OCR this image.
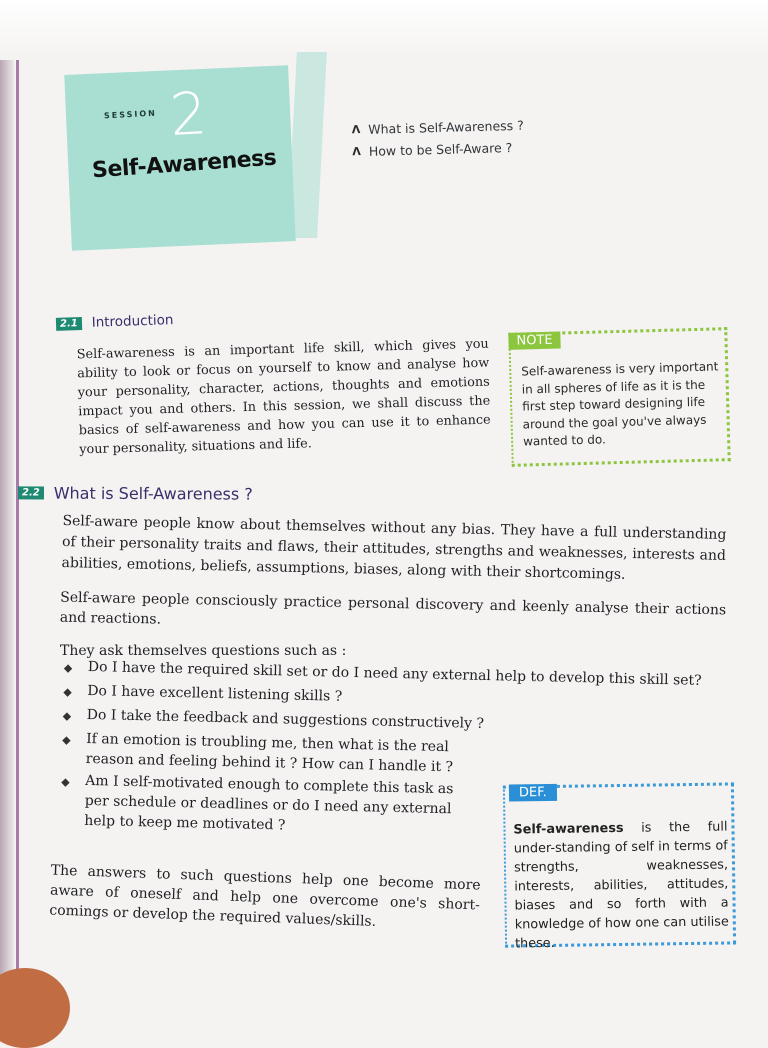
SESSION 2
Self-Awareness
Λ What is Self-Awareness ?
Λ How to be Self-Aware ?
2.1 Introduction
Self-awareness is an important life skill, which gives you ability to look or focus on yourself to know and analyse how your personality, character, actions, thoughts and emotions impact you and others. In this session, we shall discuss the basics of self-awareness and how you can use it to enhance your personality, situations and life.
NOTE
Self-awareness is very important in all spheres of life as it is the first step toward designing life around the goal you've always wanted to do.
2.2 What is Self-Awareness ?
Self-aware people know about themselves without any bias. They have a full understanding of their personality traits and flaws, their attitudes, strengths and weaknesses, interests and abilities, emotions, beliefs, assumptions, biases, along with their shortcomings.
Self-aware people consciously practice personal discovery and keenly analyse their actions and reactions.
They ask themselves questions such as :
◆	Do I have the required skill set or do I need any external help to develop this skill set?
◆	Do I have excellent listening skills ?
◆	Do I take the feedback and suggestions constructively ?
◆	If an emotion is troubling me, then what is the real reason and feeling behind it ? How can I handle it ?
◆	Am I self-motivated enough to complete this task as per schedule or deadlines or do I need any external help to keep me motivated ?
The answers to such questions help one become more aware of oneself and help one overcome one's short-comings or develop the required values/skills.
DEF.
Self-awareness is the full under-standing of self in terms of strengths, weaknesses, interests, abilities, attitudes, biases and so forth with a knowledge of how one can utilise these.
